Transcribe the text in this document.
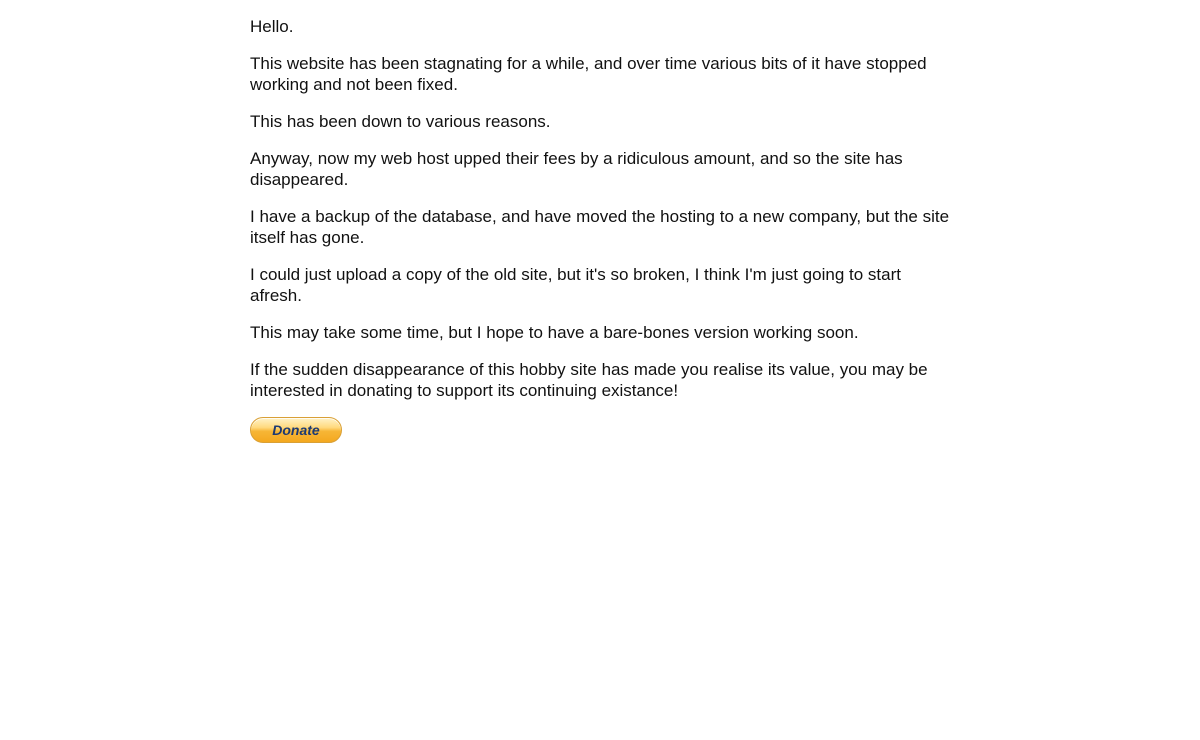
Hello.

This website has been stagnating for a while, and over time various bits of it have stopped working and not been fixed.

This has been down to various reasons.

Anyway, now my web host upped their fees by a ridiculous amount, and so the site has disappeared.

I have a backup of the database, and have moved the hosting to a new company, but the site itself has gone.

I could just upload a copy of the old site, but it's so broken, I think I'm just going to start afresh.

This may take some time, but I hope to have a bare-bones version working soon.

If the sudden disappearance of this hobby site has made you realise its value, you may be interested in donating to support its continuing existance!

Donate
